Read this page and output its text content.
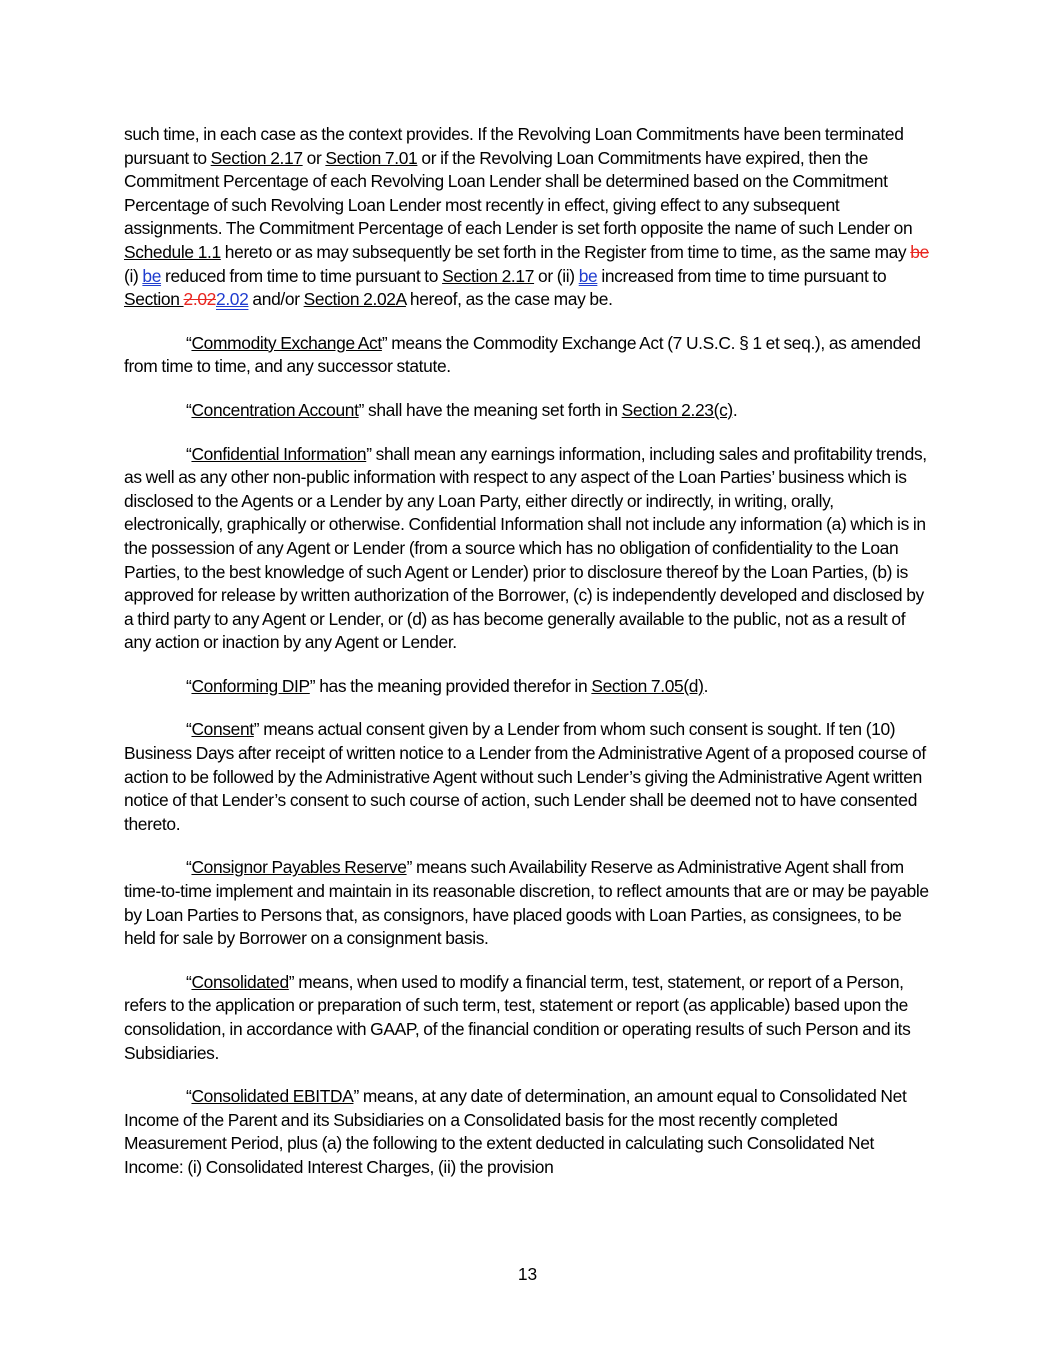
such time, in each case as the context provides. If the Revolving Loan Commitments have been terminated pursuant to Section 2.17 or Section 7.01 or if the Revolving Loan Commitments have expired, then the Commitment Percentage of each Revolving Loan Lender shall be determined based on the Commitment Percentage of such Revolving Loan Lender most recently in effect, giving effect to any subsequent assignments. The Commitment Percentage of each Lender is set forth opposite the name of such Lender on Schedule 1.1 hereto or as may subsequently be set forth in the Register from time to time, as the same may be (i) be reduced from time to time pursuant to Section 2.17 or (ii) be increased from time to time pursuant to Section 2.022.02 and/or Section 2.02A hereof, as the case may be.

“Commodity Exchange Act” means the Commodity Exchange Act (7 U.S.C. § 1 et seq.), as amended from time to time, and any successor statute.

“Concentration Account” shall have the meaning set forth in Section 2.23(c).

“Confidential Information” shall mean any earnings information, including sales and profitability trends, as well as any other non-public information with respect to any aspect of the Loan Parties’ business which is disclosed to the Agents or a Lender by any Loan Party, either directly or indirectly, in writing, orally, electronically, graphically or otherwise. Confidential Information shall not include any information (a) which is in the possession of any Agent or Lender (from a source which has no obligation of confidentiality to the Loan Parties, to the best knowledge of such Agent or Lender) prior to disclosure thereof by the Loan Parties, (b) is approved for release by written authorization of the Borrower, (c) is independently developed and disclosed by a third party to any Agent or Lender, or (d) as has become generally available to the public, not as a result of any action or inaction by any Agent or Lender.

“Conforming DIP” has the meaning provided therefor in Section 7.05(d).

“Consent” means actual consent given by a Lender from whom such consent is sought. If ten (10) Business Days after receipt of written notice to a Lender from the Administrative Agent of a proposed course of action to be followed by the Administrative Agent without such Lender’s giving the Administrative Agent written notice of that Lender’s consent to such course of action, such Lender shall be deemed not to have consented thereto.

“Consignor Payables Reserve” means such Availability Reserve as Administrative Agent shall from time-to-time implement and maintain in its reasonable discretion, to reflect amounts that are or may be payable by Loan Parties to Persons that, as consignors, have placed goods with Loan Parties, as consignees, to be held for sale by Borrower on a consignment basis.

“Consolidated” means, when used to modify a financial term, test, statement, or report of a Person, refers to the application or preparation of such term, test, statement or report (as applicable) based upon the consolidation, in accordance with GAAP, of the financial condition or operating results of such Person and its Subsidiaries.

“Consolidated EBITDA” means, at any date of determination, an amount equal to Consolidated Net Income of the Parent and its Subsidiaries on a Consolidated basis for the most recently completed Measurement Period, plus (a) the following to the extent deducted in calculating such Consolidated Net Income: (i) Consolidated Interest Charges, (ii) the provision

13
